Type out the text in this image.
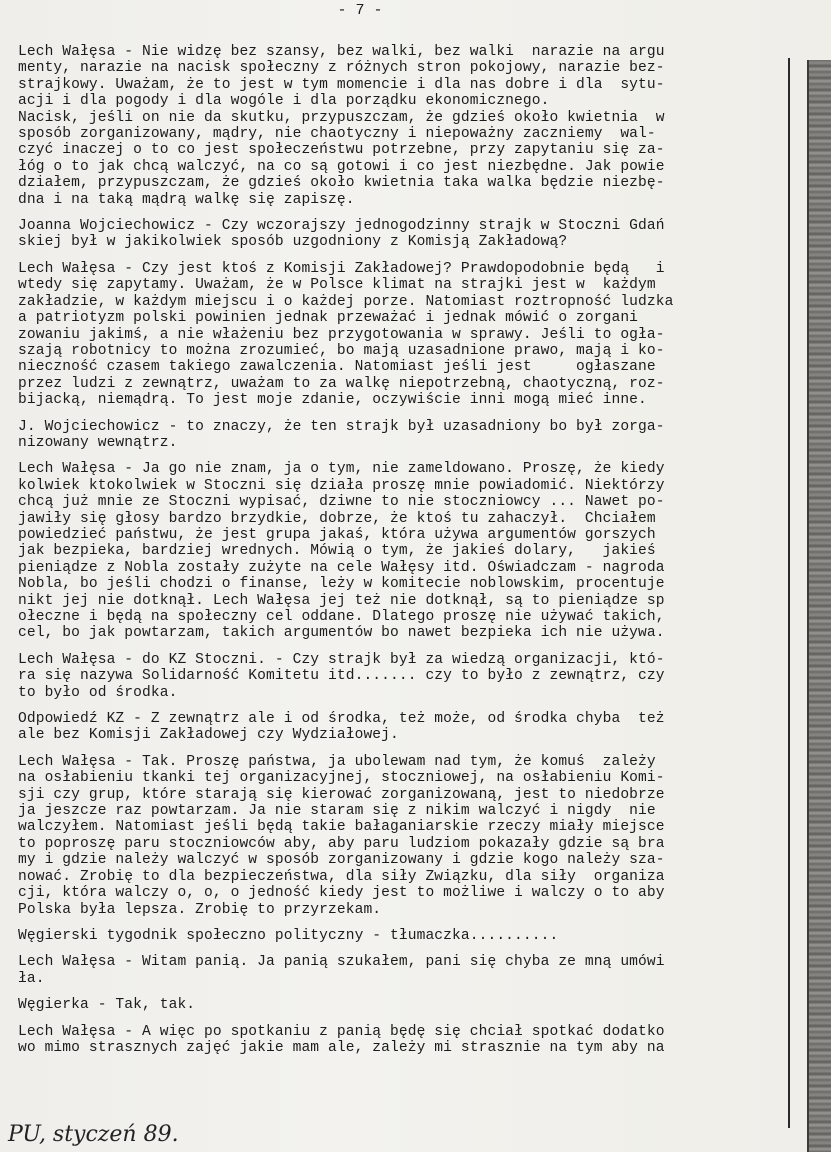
- 7 -
Lech Wałęsa - Nie widzę bez szansy, bez walki, bez walki  narazie na argu
menty, narazie na nacisk społeczny z różnych stron pokojowy, narazie bez-
strajkowy. Uważam, że to jest w tym momencie i dla nas dobre i dla  sytu-
acji i dla pogody i dla wogóle i dla porządku ekonomicznego.
Nacisk, jeśli on nie da skutku, przypuszczam, że gdzieś około kwietnia  w
sposób zorganizowany, mądry, nie chaotyczny i niepoważny zaczniemy  wal-
czyć inaczej o to co jest społeczeństwu potrzebne, przy zapytaniu się za-
łóg o to jak chcą walczyć, na co są gotowi i co jest niezbędne. Jak powie
działem, przypuszczam, że gdzieś około kwietnia taka walka będzie niezbę-
dna i na taką mądrą walkę się zapiszę.
Joanna Wojciechowicz - Czy wczorajszy jednogodzinny strajk w Stoczni Gdań
skiej był w jakikolwiek sposób uzgodniony z Komisją Zakładową?
Lech Wałęsa - Czy jest ktoś z Komisji Zakładowej? Prawdopodobnie będą   i
wtedy się zapytamy. Uważam, że w Polsce klimat na strajki jest w  każdym
zakładzie, w każdym miejscu i o każdej porze. Natomiast roztropność ludzka
a patriotyzm polski powinien jednak przeważać i jednak mówić o zorgani
zowaniu jakimś, a nie włażeniu bez przygotowania w sprawy. Jeśli to ogła-
szają robotnicy to można zrozumieć, bo mają uzasadnione prawo, mają i ko-
nieczność czasem takiego zawalczenia. Natomiast jeśli jest     ogłaszane
przez ludzi z zewnątrz, uważam to za walkę niepotrzebną, chaotyczną, roz-
bijacką, niemądrą. To jest moje zdanie, oczywiście inni mogą mieć inne.
J. Wojciechowicz - to znaczy, że ten strajk był uzasadniony bo był zorga-
nizowany wewnątrz.
Lech Wałęsa - Ja go nie znam, ja o tym, nie zameldowano. Proszę, że kiedy
kolwiek ktokolwiek w Stoczni się działa proszę mnie powiadomić. Niektórzy
chcą już mnie ze Stoczni wypisać, dziwne to nie stoczniowcy ... Nawet po-
jawiły się głosy bardzo brzydkie, dobrze, że ktoś tu zahaczył.  Chciałem
powiedzieć państwu, że jest grupa jakaś, która używa argumentów gorszych
jak bezpieka, bardziej wrednych. Mówią o tym, że jakieś dolary,   jakieś
pieniądze z Nobla zostały zużyte na cele Wałęsy itd. Oświadczam - nagroda
Nobla, bo jeśli chodzi o finanse, leży w komitecie noblowskim, procentuje
nikt jej nie dotknął. Lech Wałęsa jej też nie dotknął, są to pieniądze sp
ołeczne i będą na społeczny cel oddane. Dlatego proszę nie używać takich,
cel, bo jak powtarzam, takich argumentów bo nawet bezpieka ich nie używa.
Lech Wałęsa - do KZ Stoczni. - Czy strajk był za wiedzą organizacji, któ-
ra się nazywa Solidarność Komitetu itd....... czy to było z zewnątrz, czy
to było od środka.
Odpowiedź KZ - Z zewnątrz ale i od środka, też może, od środka chyba  też
ale bez Komisji Zakładowej czy Wydziałowej.
Lech Wałęsa - Tak. Proszę państwa, ja ubolewam nad tym, że komuś  zależy
na osłabieniu tkanki tej organizacyjnej, stoczniowej, na osłabieniu Komi-
sji czy grup, które starają się kierować zorganizowaną, jest to niedobrze
ja jeszcze raz powtarzam. Ja nie staram się z nikim walczyć i nigdy  nie
walczyłem. Natomiast jeśli będą takie bałaganiarskie rzeczy miały miejsce
to poproszę paru stoczniowców aby, aby paru ludziom pokazały gdzie są bra
my i gdzie należy walczyć w sposób zorganizowany i gdzie kogo należy sza-
nować. Zrobię to dla bezpieczeństwa, dla siły Związku, dla siły  organiza
cji, która walczy o, o, o jedność kiedy jest to możliwe i walczy o to aby
Polska była lepsza. Zrobię to przyrzekam.
Węgierski tygodnik społeczno polityczny - tłumaczka..........
Lech Wałęsa - Witam panią. Ja panią szukałem, pani się chyba ze mną umówi
ła.
Węgierka - Tak, tak.
Lech Wałęsa - A więc po spotkaniu z panią będę się chciał spotkać dodatko
wo mimo strasznych zajęć jakie mam ale, zależy mi strasznie na tym aby na
PU, styczeń 89.
